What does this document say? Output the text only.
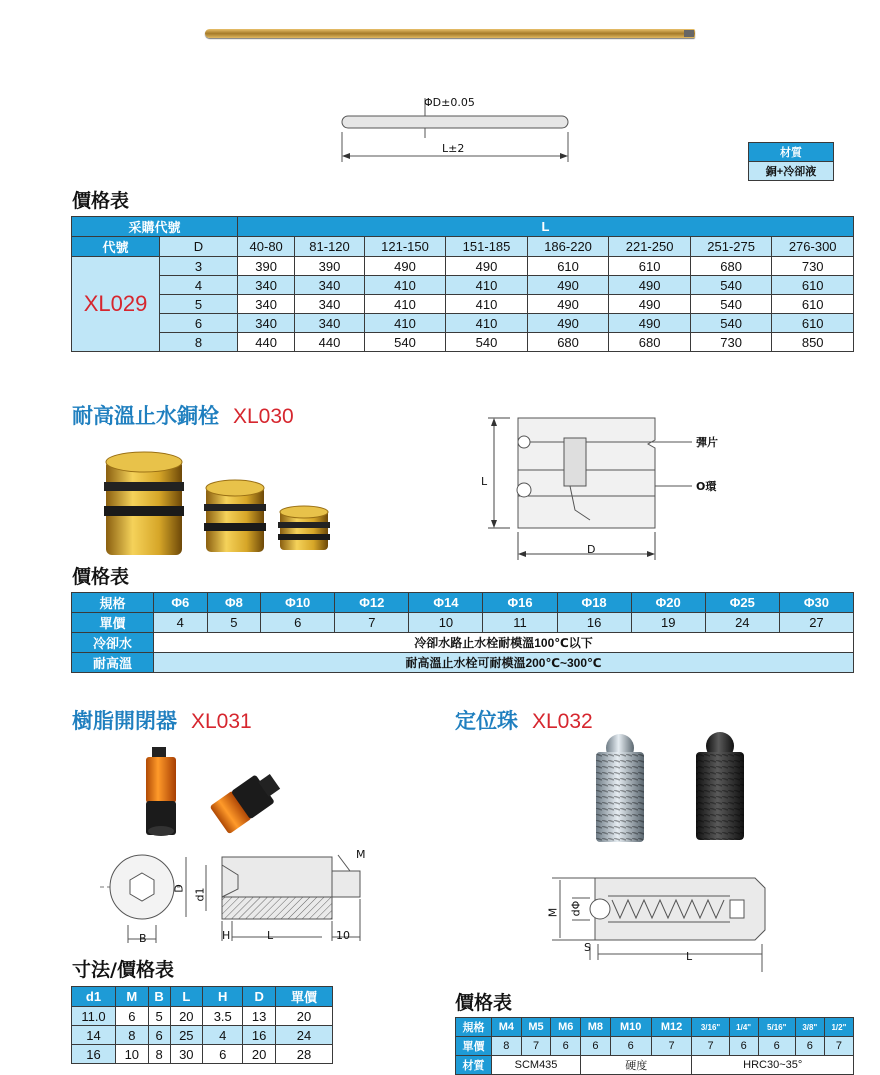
ΦD±0.05
L±2	材質
銅+冷卻液
價格表
采購代號		L							
代號	D	40-80	81-120	121-150	151-185	186-220	221-250	251-275	276-300
XL029	3	390	390	490	490	610	610	680	730
	4	340	340	410	410	490	490	540	610
	5	340	340	410	410	490	490	540	610
	6	340	340	410	410	490	490	540	610
	8	440	440	540	540	680	680	730	850
耐高溫止水銅栓 XL030
彈片
O環
L
D
價格表
規格	Φ6	Φ8	Φ10	Φ12	Φ14	Φ16	Φ18	Φ20	Φ25	Φ30
單價	4	5	6	7	10	11	16	19	24	27
冷卻水	冷卻水路止水栓耐模溫100℃以下									
耐高溫	耐高溫止水栓可耐模溫200℃~300℃									
樹脂開閉器 XL031
M
D d1
B	H	L	10
寸法/價格表
d1	M	B	L	H	D	單價
11.0	6	5	20	3.5	13	20
14	8	6	25	4	16	24
16	10	8	30	6	20	28
定位珠 XL032
M dΦ
S
L
價格表
規格	M4	M5	M6	M8	M10	M12	3/16"	1/4"	5/16"	3/8"	1/2"
單價	8	7	6	6	6	7	7	6	6	6	7
材質	SCM435			硬度			HRC30~35°				
